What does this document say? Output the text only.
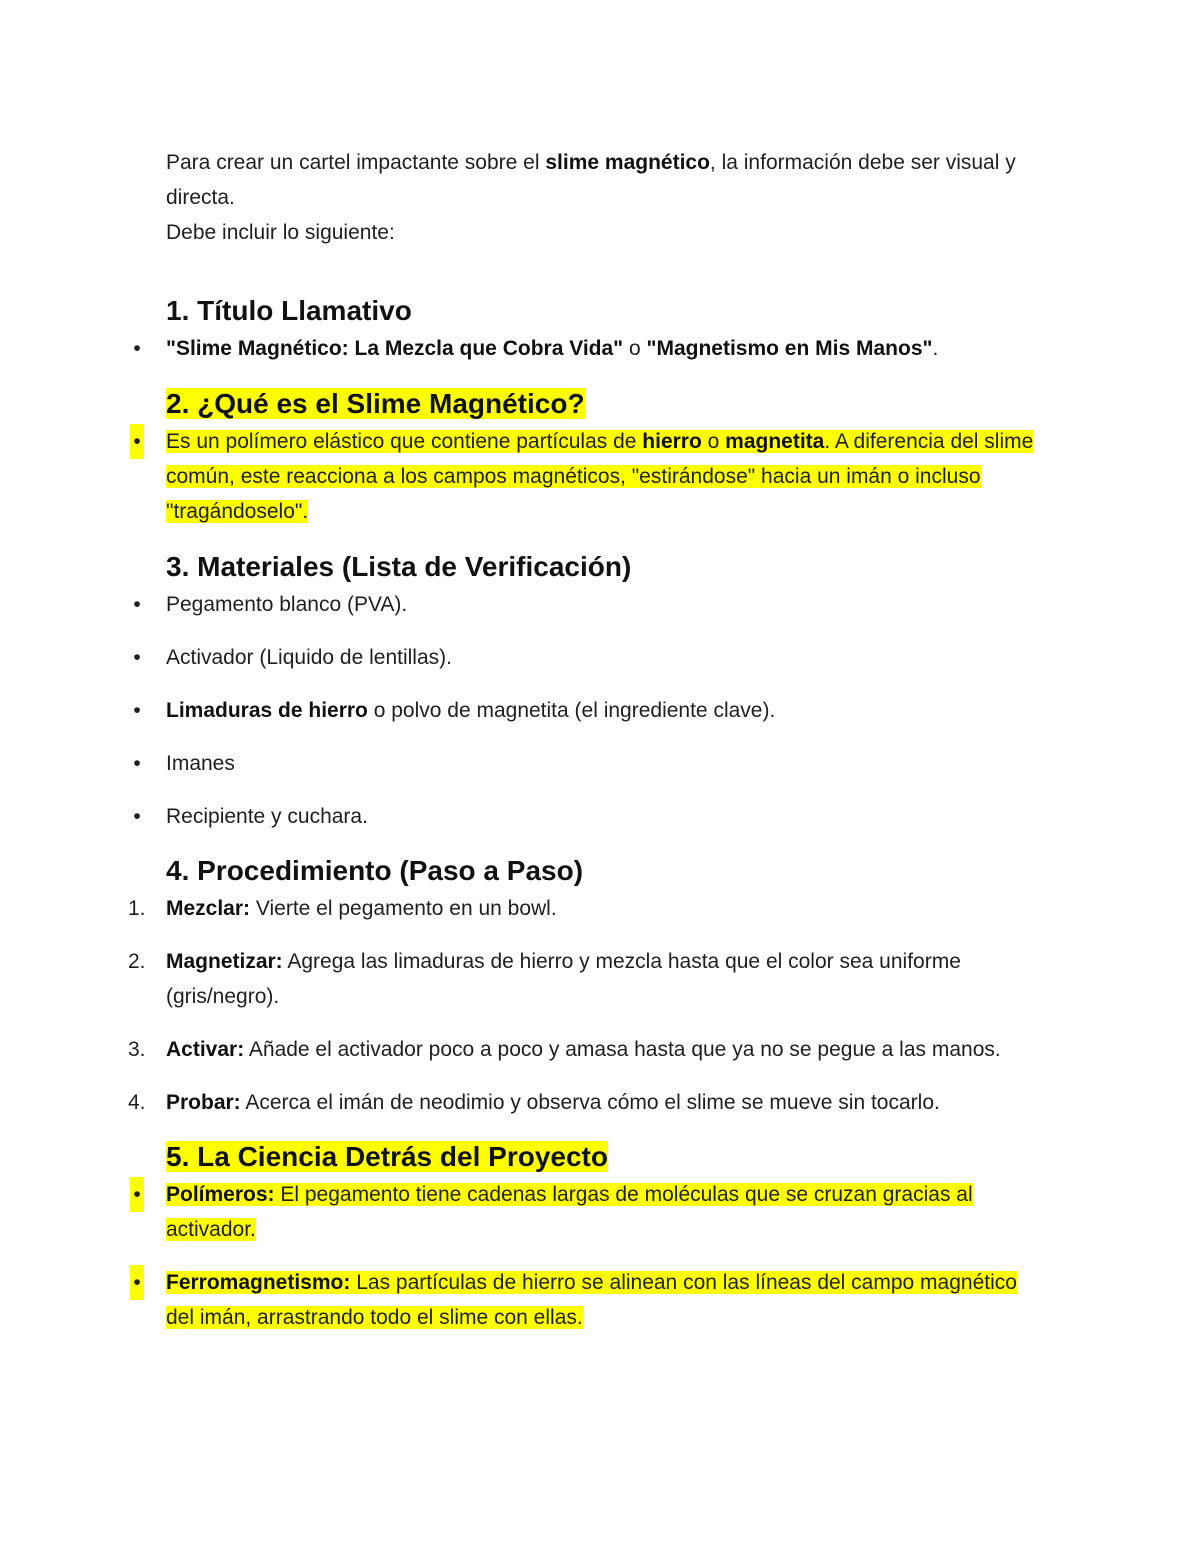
Para crear un cartel impactante sobre el slime magnético, la información debe ser visual y directa.

Debe incluir lo siguiente:

1. Título Llamativo
• "Slime Magnético: La Mezcla que Cobra Vida" o "Magnetismo en Mis Manos".
2. ¿Qué es el Slime Magnético?
• Es un polímero elástico que contiene partículas de hierro o magnetita. A diferencia del slime común, este reacciona a los campos magnéticos, "estirándose" hacia un imán o incluso "tragándoselo".
3. Materiales (Lista de Verificación)
• Pegamento blanco (PVA).
• Activador (Liquido de lentillas).
• Limaduras de hierro o polvo de magnetita (el ingrediente clave).
• Imanes
• Recipiente y cuchara.
4. Procedimiento (Paso a Paso)
1. Mezclar: Vierte el pegamento en un bowl.
2. Magnetizar: Agrega las limaduras de hierro y mezcla hasta que el color sea uniforme (gris/negro).
3. Activar: Añade el activador poco a poco y amasa hasta que ya no se pegue a las manos.
4. Probar: Acerca el imán de neodimio y observa cómo el slime se mueve sin tocarlo.
5. La Ciencia Detrás del Proyecto
• Polímeros: El pegamento tiene cadenas largas de moléculas que se cruzan gracias al activador.
• Ferromagnetismo: Las partículas de hierro se alinean con las líneas del campo magnético del imán, arrastrando todo el slime con ellas.
